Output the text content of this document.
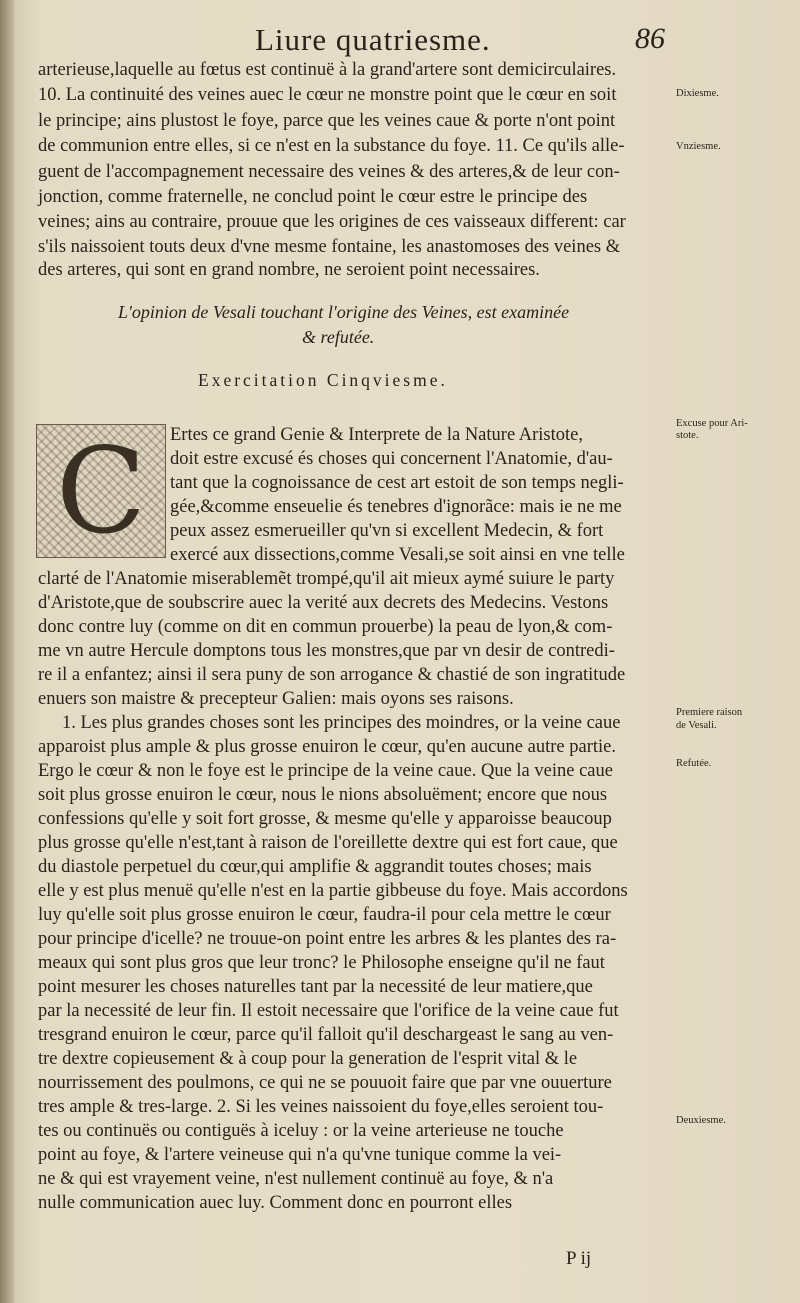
Liure quatriesme.	86
arterieuse,laquelle au fœtus est continuë à la grand'artere sont demicirculaires.
10. La continuité des veines auec le cœur ne monstre point que le cœur en soit
le principe; ains plustost le foye, parce que les veines caue & porte n'ont point
de communion entre elles, si ce n'est en la substance du foye. 11. Ce qu'ils alle-
guent de l'accompagnement necessaire des veines & des arteres,& de leur con-
jonction, comme fraternelle, ne conclud point le cœur estre le principe des
veines; ains au contraire, prouue que les origines de ces vaisseaux different: car
s'ils naissoient touts deux d'vne mesme fontaine, les anastomoses des veines &
des arteres, qui sont en grand nombre, ne seroient point necessaires.
L'opinion de Vesali touchant l'origine des Veines, est examinée
& refutée.
Exercitation Cinqviesme.
C	Ertes ce grand Genie & Interprete de la Nature Aristote,
doit estre excusé és choses qui concernent l'Anatomie, d'au-
tant que la cognoissance de cest art estoit de son temps negli-
gée,&comme enseuelie és tenebres d'ignorãce: mais ie ne me
peux assez esmerueiller qu'vn si excellent Medecin, & fort
exercé aux dissections,comme Vesali,se soit ainsi en vne telle
clarté de l'Anatomie miserablemẽt trompé,qu'il ait mieux aymé suiure le party
d'Aristote,que de soubscrire auec la verité aux decrets des Medecins. Vestons
donc contre luy (comme on dit en commun prouerbe) la peau de lyon,& com-
me vn autre Hercule domptons tous les monstres,que par vn desir de contredi-
re il a enfantez; ainsi il sera puny de son arrogance & chastié de son ingratitude
enuers son maistre & precepteur Galien: mais oyons ses raisons.
1. Les plus grandes choses sont les principes des moindres, or la veine caue
apparoist plus ample & plus grosse enuiron le cœur, qu'en aucune autre partie.
Ergo le cœur & non le foye est le principe de la veine caue. Que la veine caue
soit plus grosse enuiron le cœur, nous le nions absoluëment; encore que nous
confessions qu'elle y soit fort grosse, & mesme qu'elle y apparoisse beaucoup
plus grosse qu'elle n'est,tant à raison de l'oreillette dextre qui est fort caue, que
du diastole perpetuel du cœur,qui amplifie & aggrandit toutes choses; mais
elle y est plus menuë qu'elle n'est en la partie gibbeuse du foye. Mais accordons
luy qu'elle soit plus grosse enuiron le cœur, faudra-il pour cela mettre le cœur
pour principe d'icelle? ne trouue-on point entre les arbres & les plantes des ra-
meaux qui sont plus gros que leur tronc? le Philosophe enseigne qu'il ne faut
point mesurer les choses naturelles tant par la necessité de leur matiere,que
par la necessité de leur fin. Il estoit necessaire que l'orifice de la veine caue fut
tresgrand enuiron le cœur, parce qu'il falloit qu'il deschargeast le sang au ven-
tre dextre copieusement & à coup pour la generation de l'esprit vital & le
nourrissement des poulmons, ce qui ne se pouuoit faire que par vne ouuerture
tres ample & tres-large. 2. Si les veines naissoient du foye,elles seroient tou-
tes ou continuës ou contiguës à iceluy : or la veine arterieuse ne touche
point au foye, & l'artere veineuse qui n'a qu'vne tunique comme la vei-
ne & qui est vrayement veine, n'est nullement continuë au foye, & n'a
nulle communication auec luy. Comment donc en pourront elles
Dixiesme.
Vnziesme.
Excuse pour Ari-
stote.
Premiere raison
de Vesali.
Refutée.
Deuxiesme.
P ij
